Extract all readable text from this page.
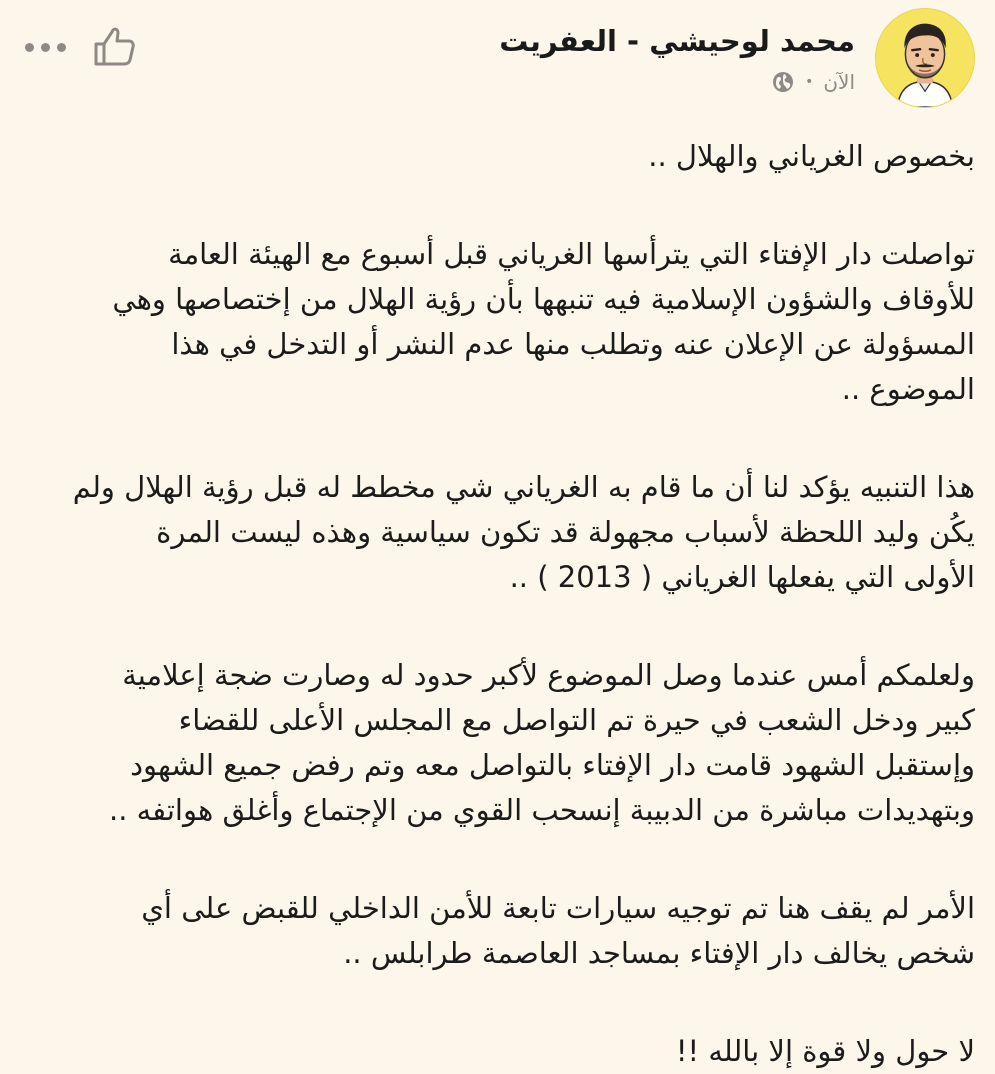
محمد لوحيشي - العفريت
الآن
•

بخصوص الغرياني والهلال ..

تواصلت دار الإفتاء التي يترأسها الغرياني قبل أسبوع مع الهيئة العامة
للأوقاف والشؤون الإسلامية فيه تنبهها بأن رؤية الهلال من إختصاصها وهي
المسؤولة عن الإعلان عنه وتطلب منها عدم النشر أو التدخل في هذا
الموضوع ..

هذا التنبيه يؤكد لنا أن ما قام به الغرياني شي مخطط له قبل رؤية الهلال ولم
يكُن وليد اللحظة لأسباب مجهولة قد تكون سياسية وهذه ليست المرة
الأولى التي يفعلها الغرياني ( 2013 ) ..

ولعلمكم أمس عندما وصل الموضوع لأكبر حدود له وصارت ضجة إعلامية
كبير ودخل الشعب في حيرة تم التواصل مع المجلس الأعلى للقضاء
وإستقبل الشهود قامت دار الإفتاء بالتواصل معه وتم رفض جميع الشهود
وبتهديدات مباشرة من الدبيبة إنسحب القوي من الإجتماع وأغلق هواتفه ..

الأمر لم يقف هنا تم توجيه سيارات تابعة للأمن الداخلي للقبض على أي
شخص يخالف دار الإفتاء بمساجد العاصمة طرابلس ..

لا حول ولا قوة إلا بالله !!
